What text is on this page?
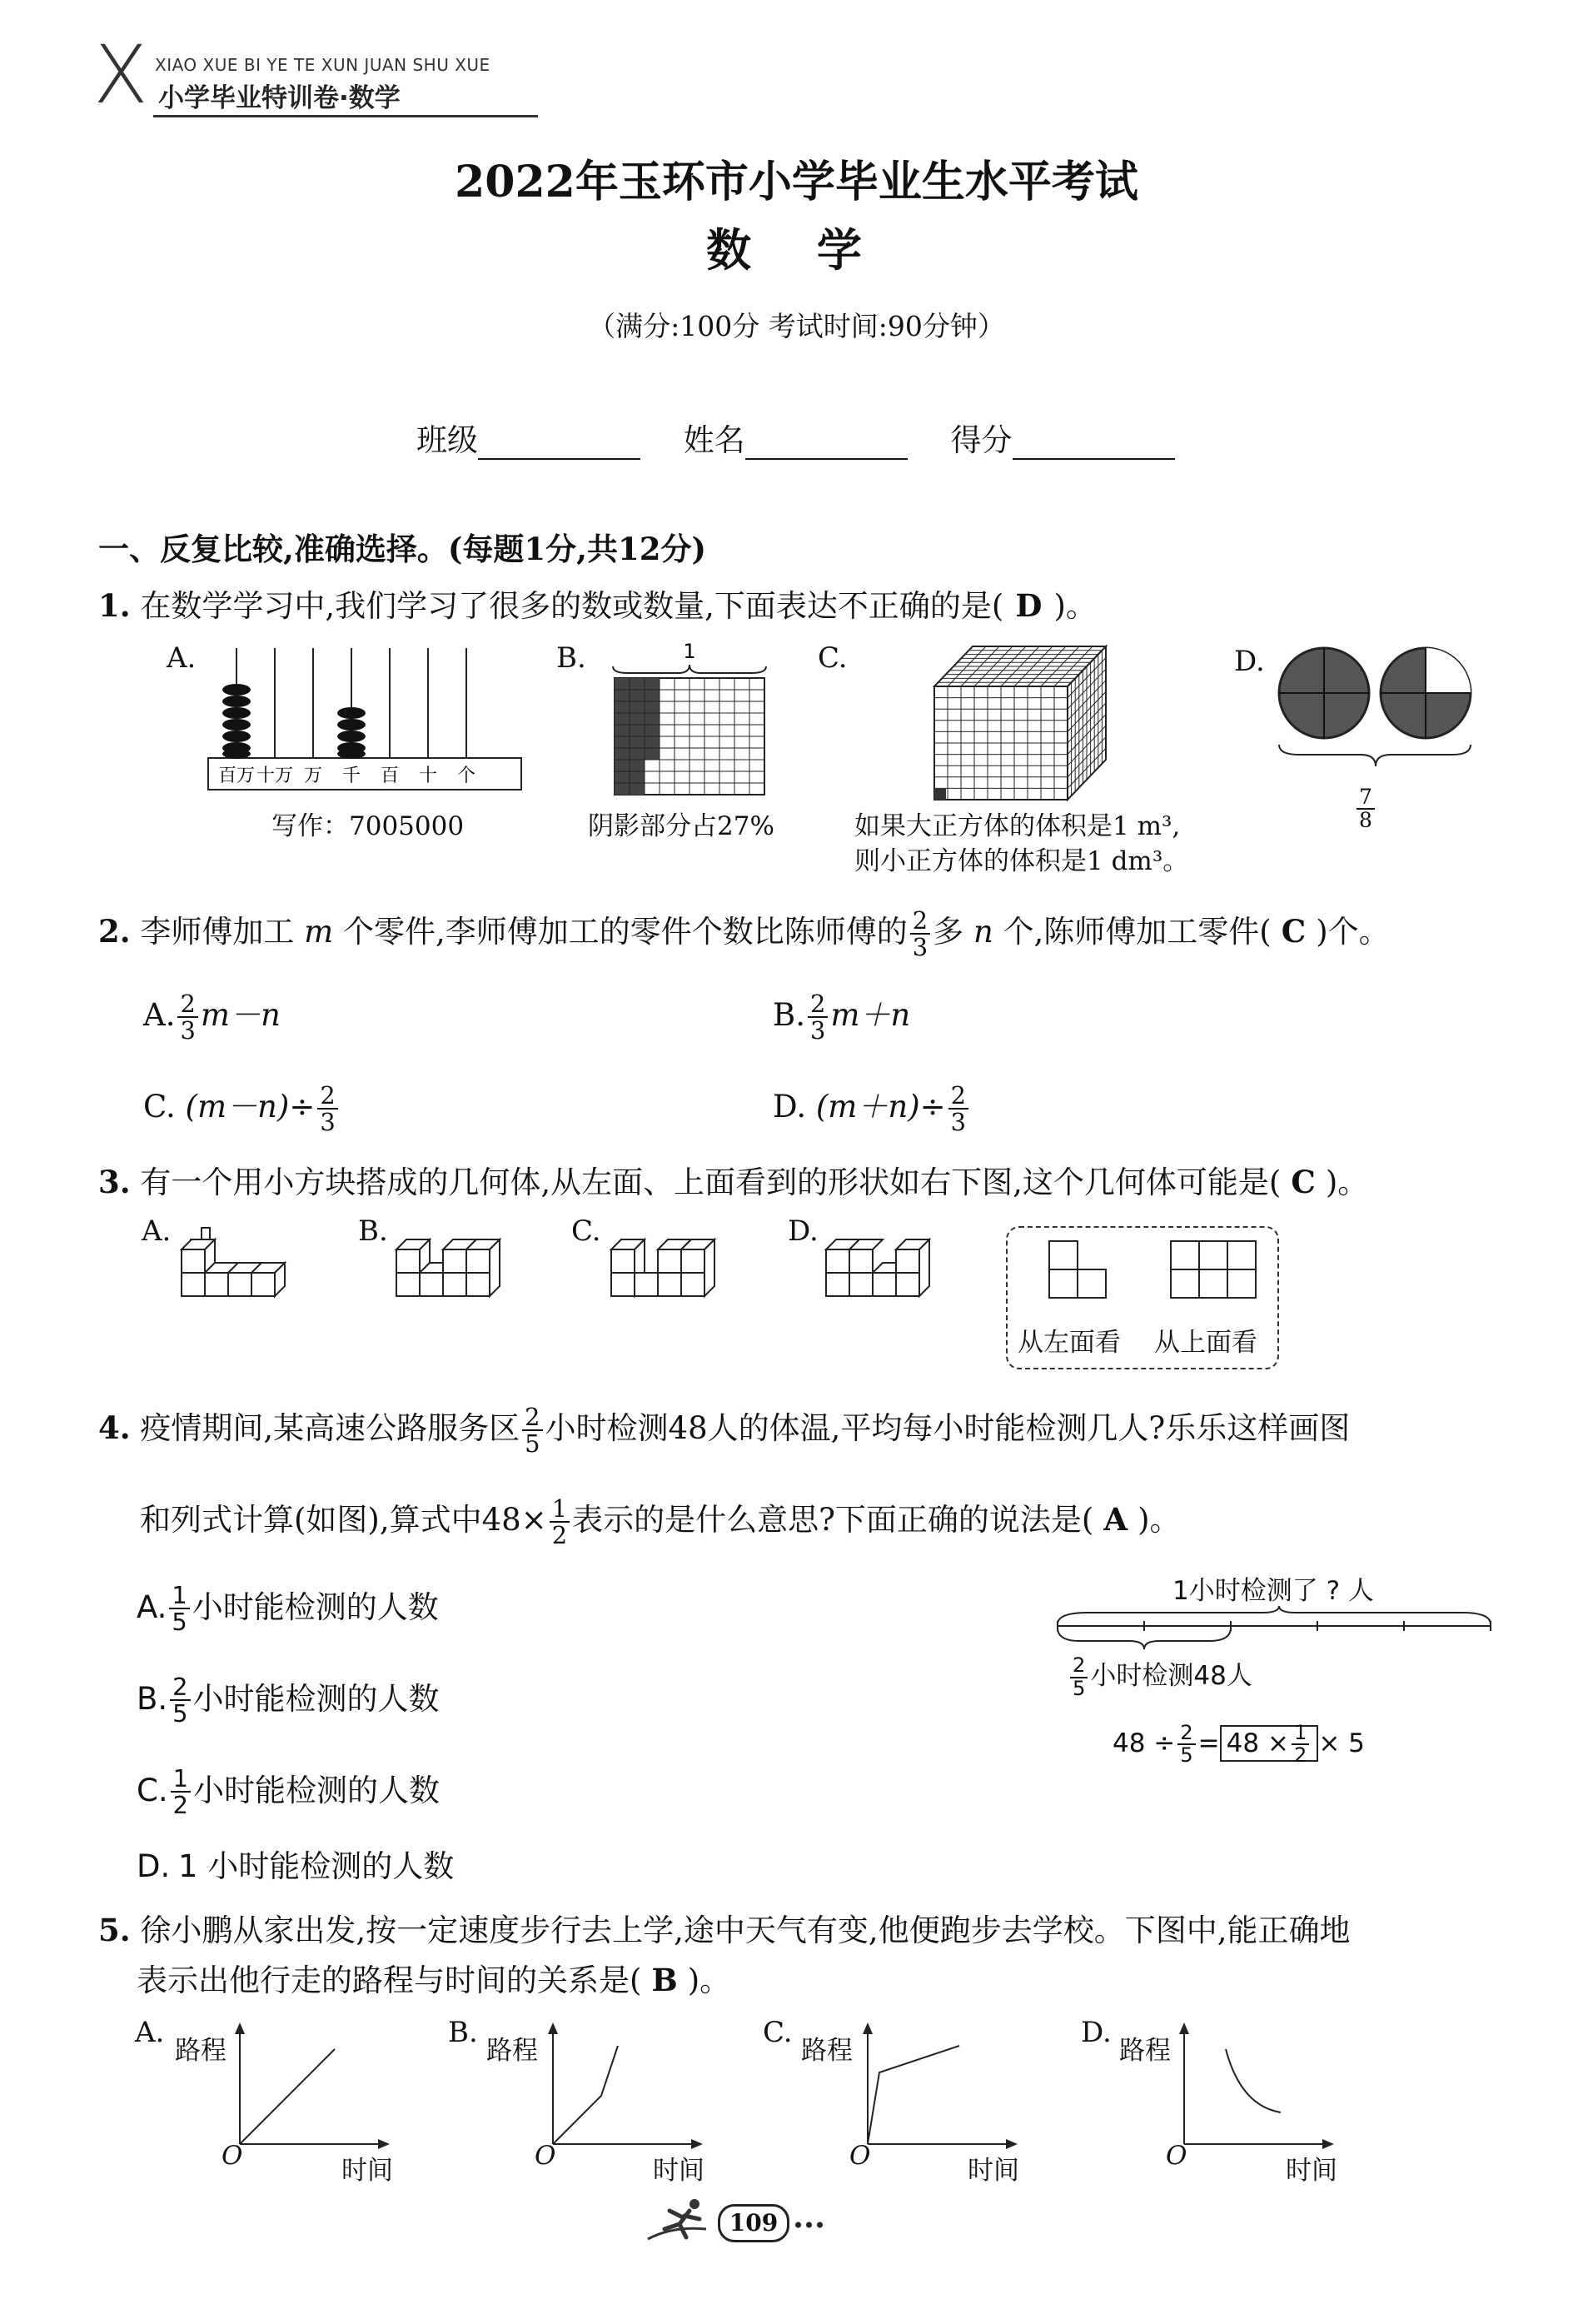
X XIAO XUE BI YE TE XUN JUAN SHU XUE
小学毕业特训卷·数学
2022年玉环市小学毕业生水平考试
数 学
（满分:100分 考试时间:90分钟）
班级	姓名	得分
一、反复比较,准确选择。(每题1分,共12分)
1. 在数学学习中,我们学习了很多的数或数量,下面表达不正确的是( D )。
A.
百万 十万 万 千 百 十 个
写作：7005000
B.	1
阴影部分占27%
C.
如果大正方体的体积是1 m³,
则小正方体的体积是1 dm³。
D.
$\frac{7}{8}$
2. 李师傅加工 m 个零件,李师傅加工的零件个数比陈师傅的 $\frac{2}{3}$ 多 n 个,陈师傅加工零件( C )个。
A. $\frac{2}{3} m-n$	B. $\frac{2}{3} m+n$
C. $(m-n)\div \frac{2}{3}$	D. $(m+n)\div \frac{2}{3}$
3. 有一个用小方块搭成的几何体,从左面、上面看到的形状如右下图,这个几何体可能是( C )。
A.	B.	C.	D.
从左面看 从上面看
4. 疫情期间,某高速公路服务区 $\frac{2}{5}$ 小时检测48人的体温,平均每小时能检测几人?乐乐这样画图
和列式计算(如图),算式中$48\times \frac{1}{2}$ 表示的是什么意思?下面正确的说法是( A )。
A. $\frac{1}{5}$ 小时能检测的人数
B. $\frac{2}{5}$ 小时能检测的人数
C. $\frac{1}{2}$ 小时能检测的人数
D. 1 小时能检测的人数
1小时检测了 ? 人
$\frac{2}{5}$ 小时检测48人
$48 \div \frac{2}{5} = 48 \times \frac{1}{2} \times 5$
5. 徐小鹏从家出发,按一定速度步行去上学,途中天气有变,他便跑步去学校。下图中,能正确地
表示出他行走的路程与时间的关系是( B )。
A.
路程
O	时间
B.
路程
O	时间
C.
路程
O	时间
D.
路程
O	时间
109
